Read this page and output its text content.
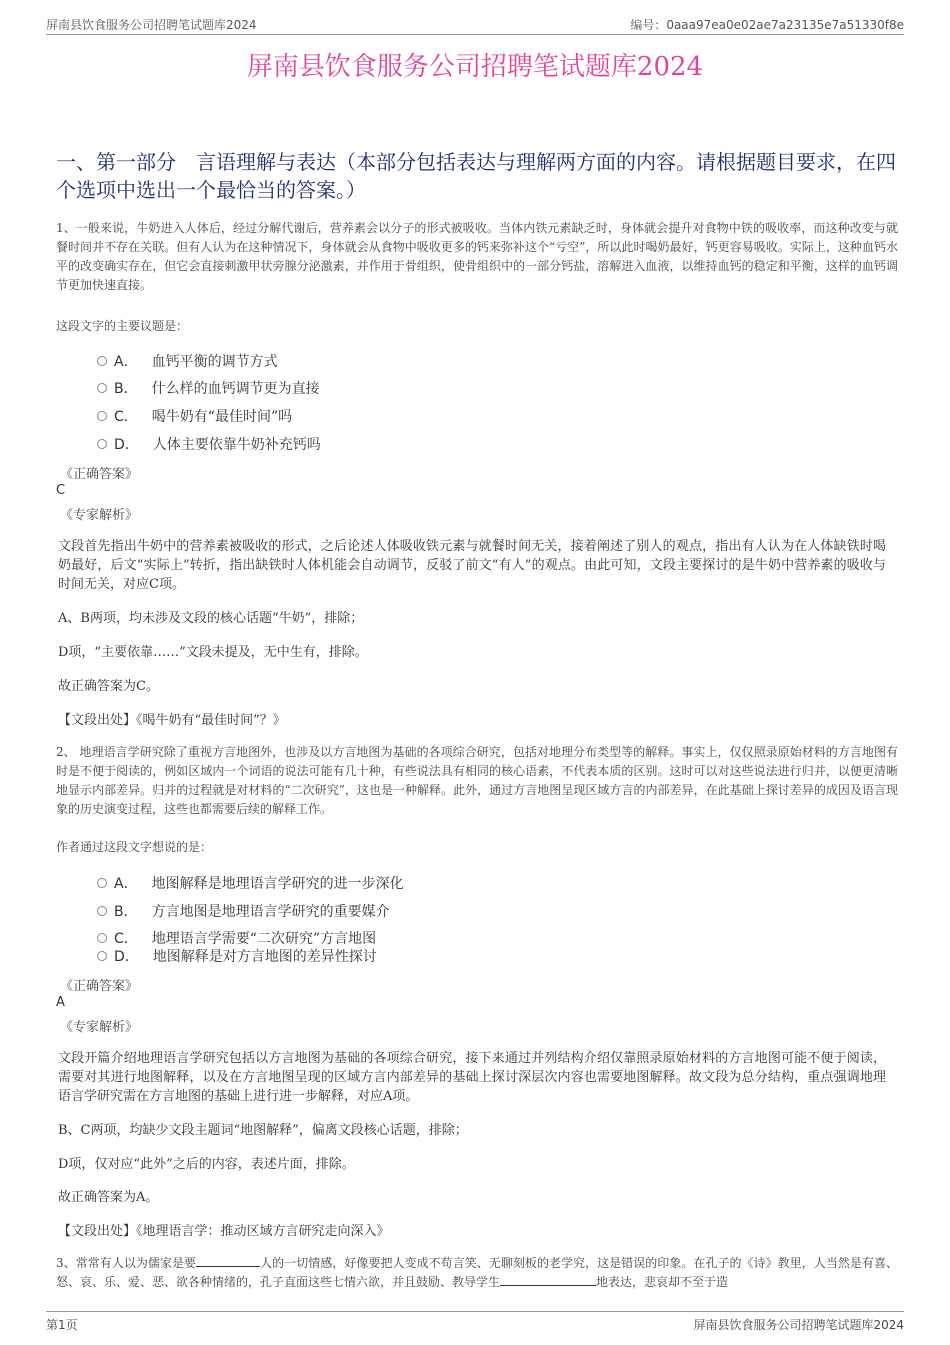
屏南县饮食服务公司招聘笔试题库2024	编号：0aaa97ea0e02ae7a23135e7a51330f8e
屏南县饮食服务公司招聘笔试题库2024
一、第一部分　言语理解与表达（本部分包括表达与理解两方面的内容。请根据题目要求，在四个选项中选出一个最恰当的答案。）
1、一般来说，牛奶进入人体后，经过分解代谢后，营养素会以分子的形式被吸收。当体内铁元素缺乏时，身体就会提升对食物中铁的吸收率，而这种改变与就餐时间并不存在关联。但有人认为在这种情况下，身体就会从食物中吸收更多的钙来弥补这个“亏空”，所以此时喝奶最好，钙更容易吸收。实际上，这种血钙水平的改变确实存在，但它会直接刺激甲状旁腺分泌激素，并作用于骨组织，使骨组织中的一部分钙盐，溶解进入血液，以维持血钙的稳定和平衡，这样的血钙调节更加快速直接。
这段文字的主要议题是：
A． 血钙平衡的调节方式
B． 什么样的血钙调节更为直接
C． 喝牛奶有“最佳时间”吗
D． 人体主要依靠牛奶补充钙吗
《正确答案》
C
《专家解析》
文段首先指出牛奶中的营养素被吸收的形式，之后论述人体吸收铁元素与就餐时间无关，接着阐述了别人的观点，指出有人认为在人体缺铁时喝奶最好，后文“实际上”转折，指出缺铁时人体机能会自动调节，反驳了前文“有人”的观点。由此可知，文段主要探讨的是牛奶中营养素的吸收与时间无关，对应C项。
A、B两项，均未涉及文段的核心话题“牛奶”，排除；
D项，“主要依靠……”文段未提及，无中生有，排除。
故正确答案为C。
【文段出处】《喝牛奶有“最佳时间”？》
2、 地理语言学研究除了重视方言地图外，也涉及以方言地图为基础的各项综合研究，包括对地理分布类型等的解释。事实上，仅仅照录原始材料的方言地图有时是不便于阅读的，例如区域内一个词语的说法可能有几十种，有些说法具有相同的核心语素，不代表本质的区别。这时可以对这些说法进行归并，以便更清晰地显示内部差异。归并的过程就是对材料的“二次研究”，这也是一种解释。此外，通过方言地图呈现区域方言的内部差异，在此基础上探讨差异的成因及语言现象的历史演变过程，这些也都需要后续的解释工作。
作者通过这段文字想说的是：
A． 地图解释是地理语言学研究的进一步深化
B． 方言地图是地理语言学研究的重要媒介
C． 地理语言学需要“二次研究”方言地图
D． 地图解释是对方言地图的差异性探讨
《正确答案》
A
《专家解析》
文段开篇介绍地理语言学研究包括以方言地图为基础的各项综合研究，接下来通过并列结构介绍仅靠照录原始材料的方言地图可能不便于阅读，需要对其进行地图解释，以及在方言地图呈现的区域方言内部差异的基础上探讨深层次内容也需要地图解释。故文段为总分结构，重点强调地理语言学研究需在方言地图的基础上进行进一步解释，对应A项。
B、C两项，均缺少文段主题词“地图解释”，偏离文段核心话题，排除；
D项，仅对应“此外”之后的内容，表述片面，排除。
故正确答案为A。
【文段出处】《地理语言学：推动区域方言研究走向深入》
3、常常有人以为儒家是要	人的一切情感，好像要把人变成不苟言笑、无聊刻板的老学究，这是错误的印象。在孔子的《诗》教里，人当然是有喜、怒、哀、乐、爱、恶、欲各种情绪的，孔子直面这些七情六欲，并且鼓励、教导学生	地表达，悲哀却不至于造
第1页	屏南县饮食服务公司招聘笔试题库2024
